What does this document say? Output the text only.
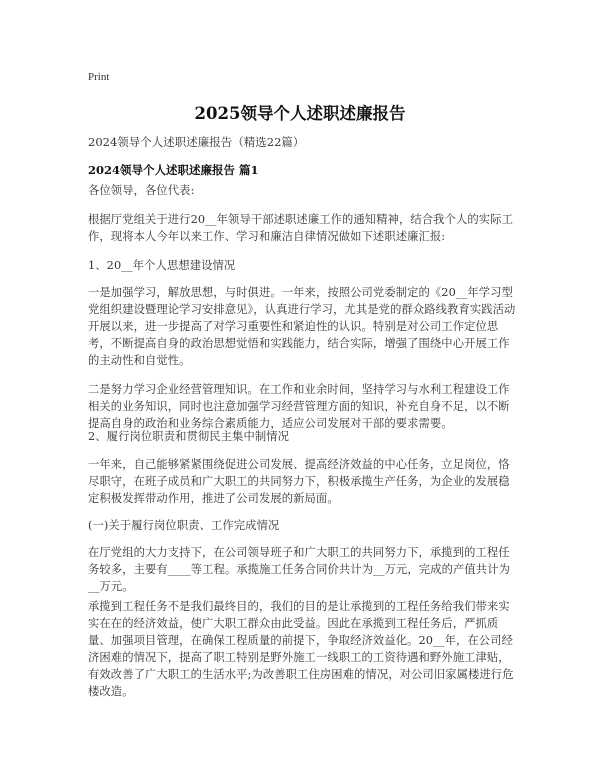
Print
2025领导个人述职述廉报告
2024领导个人述职述廉报告（精选22篇）
2024领导个人述职述廉报告 篇1

各位领导，各位代表:

根据厅党组关于进行20__年领导干部述职述廉工作的通知精神，结合我个人的实际工作，现将本人今年以来工作、学习和廉洁自律情况做如下述职述廉汇报:

1、20__年个人思想建设情况

一是加强学习，解放思想，与时俱进。一年来，按照公司党委制定的《20__年学习型党组织建设暨理论学习安排意见》，认真进行学习，尤其是党的群众路线教育实践活动开展以来，进一步提高了对学习重要性和紧迫性的认识。特别是对公司工作定位思考，不断提高自身的政治思想觉悟和实践能力，结合实际，增强了围绕中心开展工作的主动性和自觉性。

二是努力学习企业经营管理知识。在工作和业余时间，坚持学习与水利工程建设工作相关的业务知识，同时也注意加强学习经营管理方面的知识，补充自身不足，以不断提高自身的政治和业务综合素质能力，适应公司发展对干部的要求需要。

2、履行岗位职责和贯彻民主集中制情况

一年来，自己能够紧紧围绕促进公司发展、提高经济效益的中心任务，立足岗位，恪尽职守，在班子成员和广大职工的共同努力下，积极承揽生产任务，为企业的发展稳定积极发挥带动作用，推进了公司发展的新局面。

(一)关于履行岗位职责、工作完成情况

在厅党组的大力支持下，在公司领导班子和广大职工的共同努力下，承揽到的工程任务较多，主要有____等工程。承揽施工任务合同价共计为__万元，完成的产值共计为__万元。

承揽到工程任务不是我们最终目的，我们的目的是让承揽到的工程任务给我们带来实实在在的经济效益，使广大职工群众由此受益。因此在承揽到工程任务后，严抓质量、加强项目管理，在确保工程质量的前提下，争取经济效益化。20__年，在公司经济困难的情况下，提高了职工特别是野外施工一线职工的工资待遇和野外施工津贴，有效改善了广大职工的生活水平;为改善职工住房困难的情况，对公司旧家属楼进行危楼改造。
